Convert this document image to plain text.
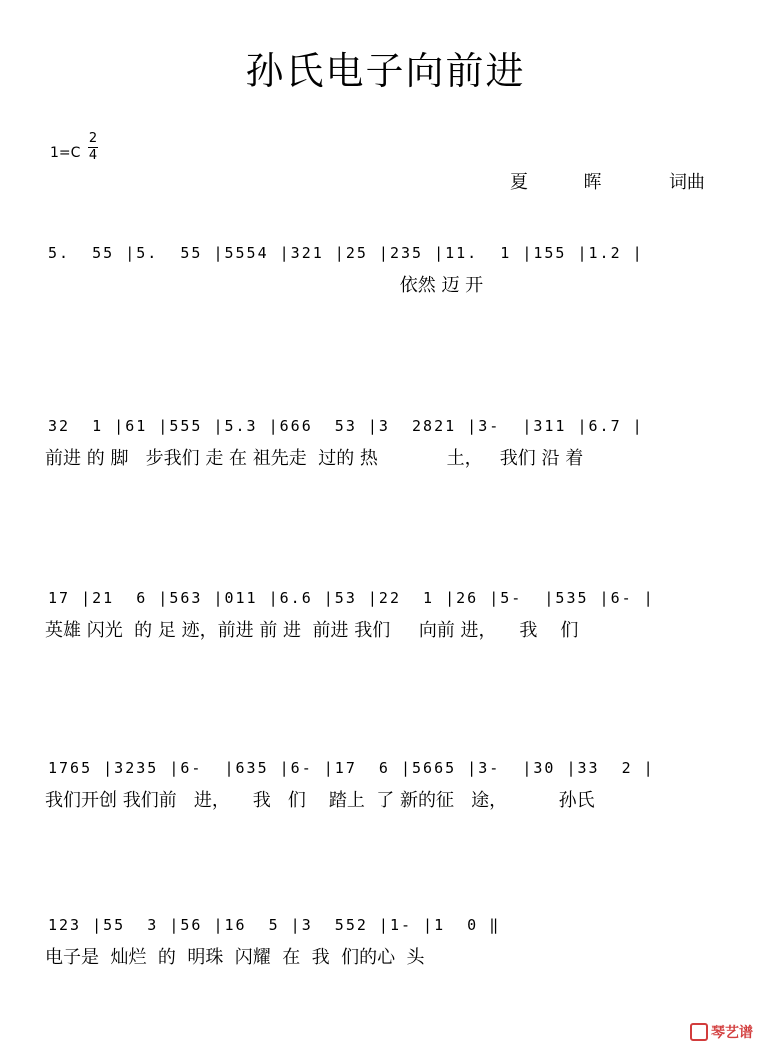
孙氏电子向前进
1=C
2
4
夏	晖	词曲
5.  55 |5.  55 |5554 |321 |25 |235 |11.  1 |155 |1.2 |
依然 迈 开
32  1 |61 |555 |5.3 |666  53 |3  2821 |3-  |311 |6.7 |
前进 的 脚   步我们 走 在 祖先走  过的 热            土，   我们 沿 着
17 |21  6 |563 |011 |6.6 |53 |22  1 |26 |5-  |535 |6- |
英雄 闪光  的 足 迹，前进 前 进  前进 我们     向前 进，    我    们
1765 |3235 |6-  |635 |6- |17  6 |5665 |3-  |30 |33  2 |
我们开创 我们前   进，    我   们    踏上  了 新的征   途，         孙氏
123 |55  3 |56 |16  5 |3  552 |1- |1  0 ‖
电子是  灿烂  的  明珠  闪耀  在  我  们的心  头
琴艺谱
